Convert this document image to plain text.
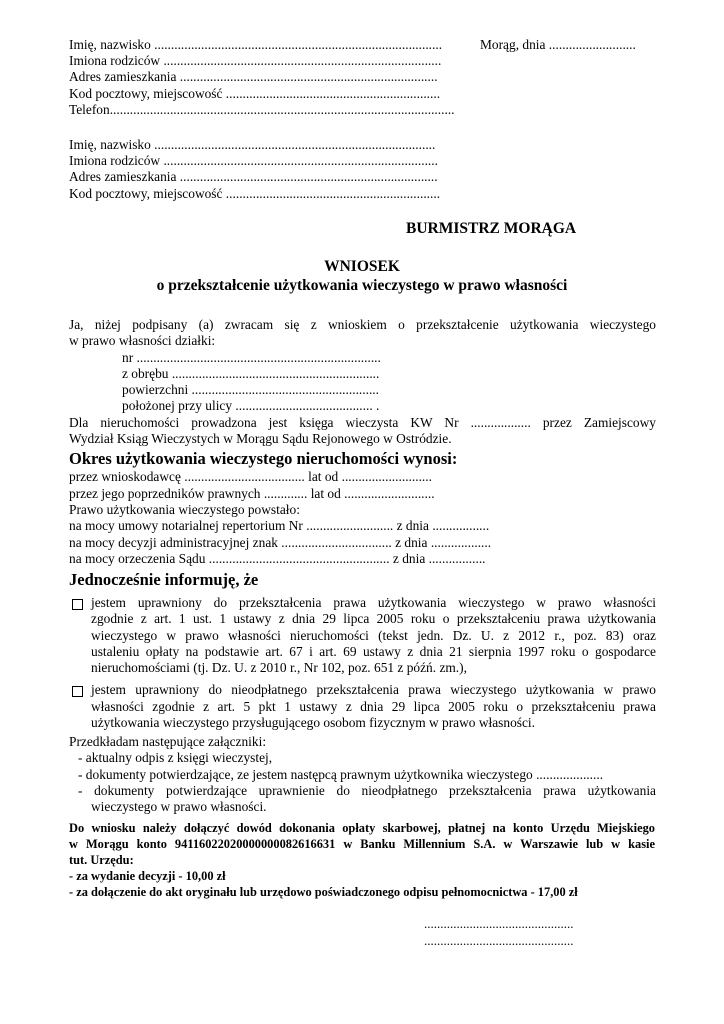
Imię, nazwisko ......................................................................................	Morąg, dnia ..........................
Imiona rodziców ...................................................................................
Adres zamieszkania .............................................................................
Kod pocztowy, miejscowość ................................................................
Telefon.......................................................................................................
Imię, nazwisko ....................................................................................
Imiona rodziców ..................................................................................
Adres zamieszkania .............................................................................
Kod pocztowy, miejscowość ................................................................
BURMISTRZ MORĄGA
WNIOSEK
o przekształcenie użytkowania wieczystego w prawo własności
Ja, niżej podpisany (a) zwracam się z wnioskiem o przekształcenie użytkowania wieczystego
w prawo własności działki:
nr .........................................................................
z obrębu ..............................................................
powierzchni ........................................................
położonej przy ulicy ......................................... .
Dla nieruchomości prowadzona jest księga wieczysta KW Nr .................. przez Zamiejscowy
Wydział Ksiąg Wieczystych w Morągu Sądu Rejonowego w Ostródzie.
Okres użytkowania wieczystego nieruchomości wynosi:
przez wnioskodawcę .................................... lat od ...........................
przez jego poprzedników prawnych ............. lat od ...........................
Prawo użytkowania wieczystego powstało:
na mocy umowy notarialnej repertorium Nr .......................... z dnia .................
na mocy decyzji administracyjnej znak ................................. z dnia ..................
na mocy orzeczenia Sądu ...................................................... z dnia .................
Jednocześnie informuję, że
jestem uprawniony do przekształcenia prawa użytkowania wieczystego w prawo własności
zgodnie z art. 1 ust. 1 ustawy z dnia 29 lipca 2005 roku o przekształceniu prawa użytkowania
wieczystego w prawo własności nieruchomości (tekst jedn. Dz. U. z 2012 r., poz. 83) oraz
ustaleniu opłaty na podstawie art. 67 i art. 69 ustawy z dnia 21 sierpnia 1997 roku o gospodarce
nieruchomościami (tj. Dz. U. z 2010 r., Nr 102, poz. 651 z późń. zm.),
jestem uprawniony do nieodpłatnego przekształcenia prawa wieczystego użytkowania w prawo
własności zgodnie z art. 5 pkt 1 ustawy z dnia 29 lipca 2005 roku o przekształceniu prawa
użytkowania wieczystego przysługującego osobom fizycznym w prawo własności.
Przedkładam następujące załączniki:
- aktualny odpis z księgi wieczystej,
- dokumenty potwierdzające, ze jestem następcą prawnym użytkownika wieczystego ....................
- dokumenty potwierdzające uprawnienie do nieodpłatnego przekształcenia prawa użytkowania
wieczystego w prawo własności.
Do wniosku należy dołączyć dowód dokonania opłaty skarbowej, płatnej na konto Urzędu Miejskiego
w Morągu konto 94116022020000000082616631 w Banku Millennium S.A. w Warszawie lub w kasie
tut. Urzędu:
- za wydanie decyzji - 10,00 zł
- za dołączenie do akt oryginału lub urzędowo poświadczonego odpisu pełnomocnictwa - 17,00 zł
..............................................
..............................................
